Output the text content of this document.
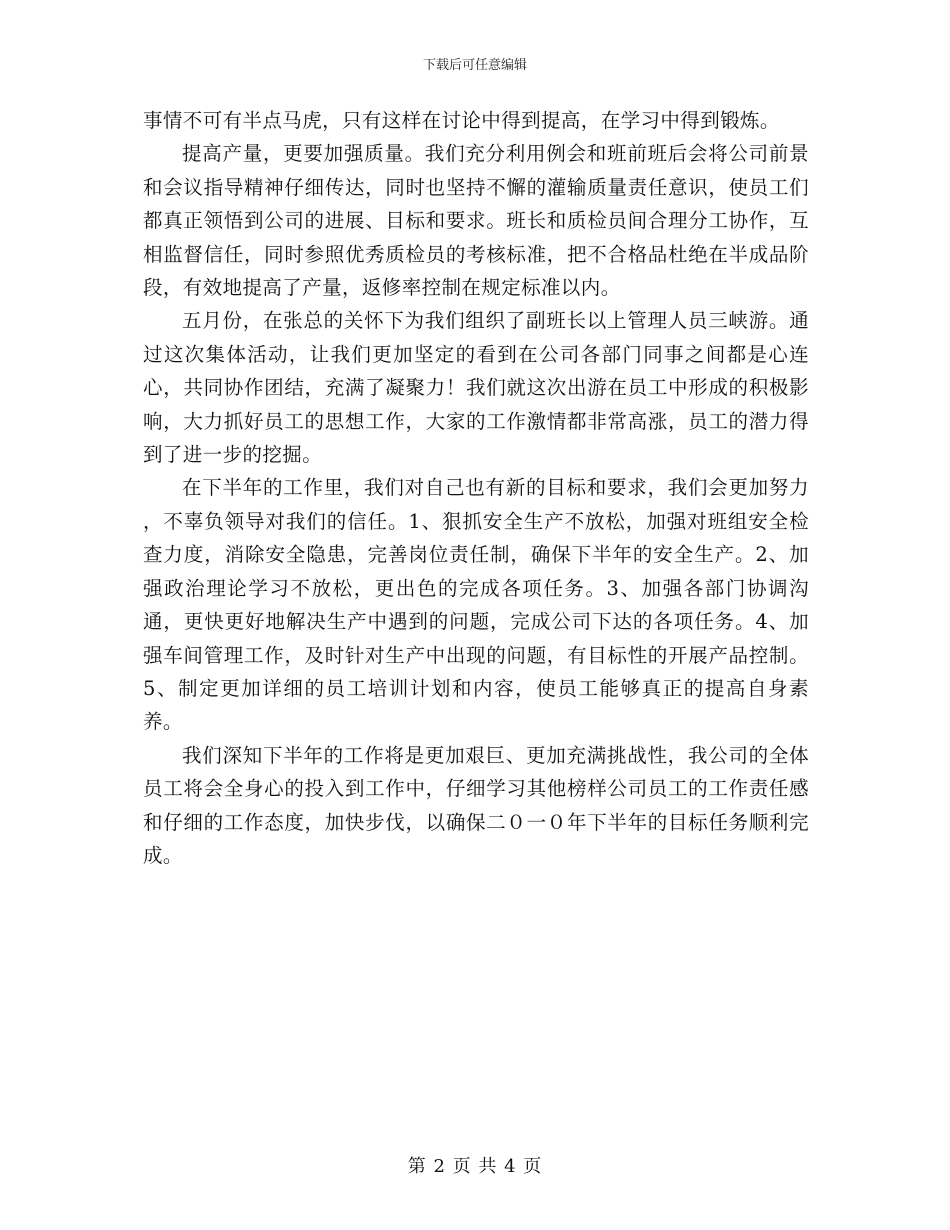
下载后可任意编辑

事情不可有半点马虎，只有这样在讨论中得到提高，在学习中得到锻炼。

提高产量，更要加强质量。我们充分利用例会和班前班后会将公司前景和会议指导精神仔细传达，同时也坚持不懈的灌输质量责任意识，使员工们都真正领悟到公司的进展、目标和要求。班长和质检员间合理分工协作，互相监督信任，同时参照优秀质检员的考核标准，把不合格品杜绝在半成品阶段，有效地提高了产量，返修率控制在规定标准以内。

五月份，在张总的关怀下为我们组织了副班长以上管理人员三峡游。通过这次集体活动，让我们更加坚定的看到在公司各部门同事之间都是心连心，共同协作团结，充满了凝聚力！我们就这次出游在员工中形成的积极影响，大力抓好员工的思想工作，大家的工作激情都非常高涨，员工的潜力得到了进一步的挖掘。

在下半年的工作里，我们对自己也有新的目标和要求，我们会更加努力 ，不辜负领导对我们的信任。1、狠抓安全生产不放松，加强对班组安全检查力度，消除安全隐患，完善岗位责任制，确保下半年的安全生产。2、加强政治理论学习不放松，更出色的完成各项任务。3、加强各部门协调沟通，更快更好地解决生产中遇到的问题，完成公司下达的各项任务。4、加强车间管理工作，及时针对生产中出现的问题，有目标性的开展产品控制。5、制定更加详细的员工培训计划和内容，使员工能够真正的提高自身素养。

我们深知下半年的工作将是更加艰巨、更加充满挑战性，我公司的全体员工将会全身心的投入到工作中，仔细学习其他榜样公司员工的工作责任感和仔细的工作态度，加快步伐，以确保二０一０年下半年的目标任务顺利完成。

第 2 页 共 4 页
